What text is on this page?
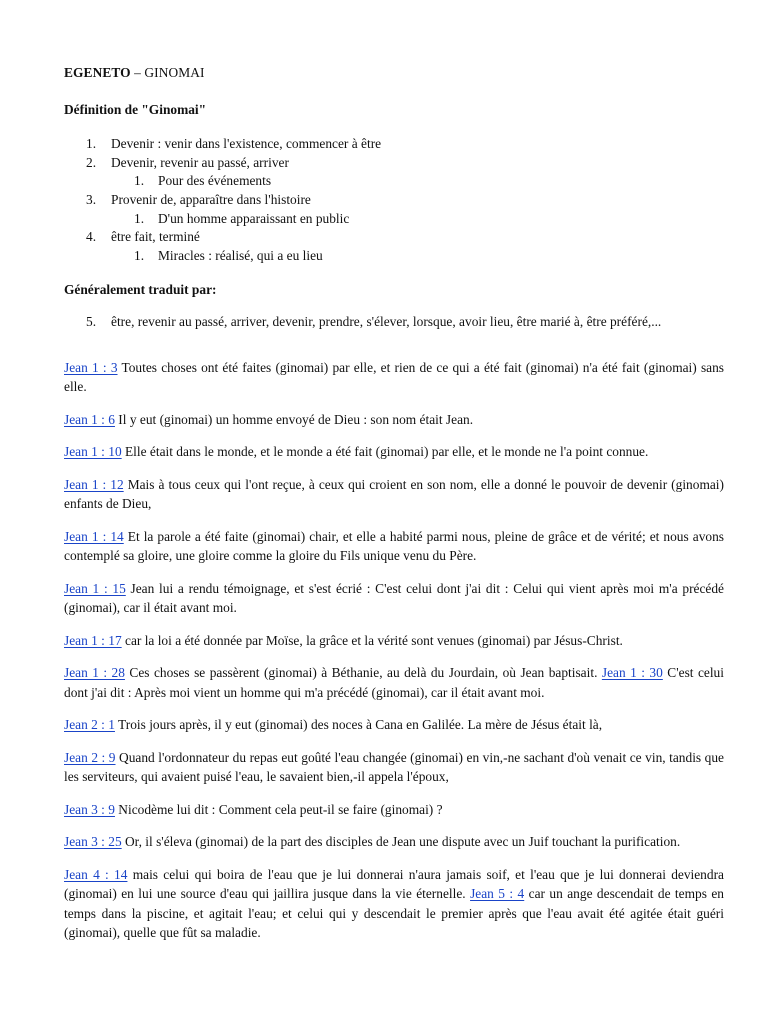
EGENETO – GINOMAI

Définition de "Ginomai"
1.	Devenir : venir dans l'existence, commencer à être
2.	Devenir, revenir au passé, arriver
1. Pour des événements
3.	Provenir de, apparaître dans l'histoire
1. D'un homme apparaissant en public
4.	être fait, terminé
1. Miracles : réalisé, qui a eu lieu
Généralement traduit par:
5.	être, revenir au passé, arriver, devenir, prendre, s'élever, lorsque, avoir lieu, être marié à, être préféré,...

Jean 1 : 3 Toutes choses ont été faites (ginomai) par elle, et rien de ce qui a été fait (ginomai) n'a été fait (ginomai) sans elle.

Jean 1 : 6 Il y eut (ginomai) un homme envoyé de Dieu : son nom était Jean.

Jean 1 : 10 Elle était dans le monde, et le monde a été fait (ginomai) par elle, et le monde ne l'a point connue.

Jean 1 : 12 Mais à tous ceux qui l'ont reçue, à ceux qui croient en son nom, elle a donné le pouvoir de devenir (ginomai) enfants de Dieu,

Jean 1 : 14 Et la parole a été faite (ginomai) chair, et elle a habité parmi nous, pleine de grâce et de vérité; et nous avons contemplé sa gloire, une gloire comme la gloire du Fils unique venu du Père.

Jean 1 : 15 Jean lui a rendu témoignage, et s'est écrié : C'est celui dont j'ai dit : Celui qui vient après moi m'a précédé (ginomai), car il était avant moi.

Jean 1 : 17 car la loi a été donnée par Moïse, la grâce et la vérité sont venues (ginomai) par Jésus-Christ.

Jean 1 : 28 Ces choses se passèrent (ginomai) à Béthanie, au delà du Jourdain, où Jean baptisait. Jean 1 : 30 C'est celui dont j'ai dit : Après moi vient un homme qui m'a précédé (ginomai), car il était avant moi.

Jean 2 : 1 Trois jours après, il y eut (ginomai) des noces à Cana en Galilée. La mère de Jésus était là,

Jean 2 : 9 Quand l'ordonnateur du repas eut goûté l'eau changée (ginomai) en vin,-ne sachant d'où venait ce vin, tandis que les serviteurs, qui avaient puisé l'eau, le savaient bien,-il appela l'époux,

Jean 3 : 9 Nicodème lui dit : Comment cela peut-il se faire (ginomai) ?

Jean 3 : 25 Or, il s'éleva (ginomai) de la part des disciples de Jean une dispute avec un Juif touchant la purification.

Jean 4 : 14 mais celui qui boira de l'eau que je lui donnerai n'aura jamais soif, et l'eau que je lui donnerai deviendra (ginomai) en lui une source d'eau qui jaillira jusque dans la vie éternelle. Jean 5 : 4 car un ange descendait de temps en temps dans la piscine, et agitait l'eau; et celui qui y descendait le premier après que l'eau avait été agitée était guéri (ginomai), quelle que fût sa maladie.
